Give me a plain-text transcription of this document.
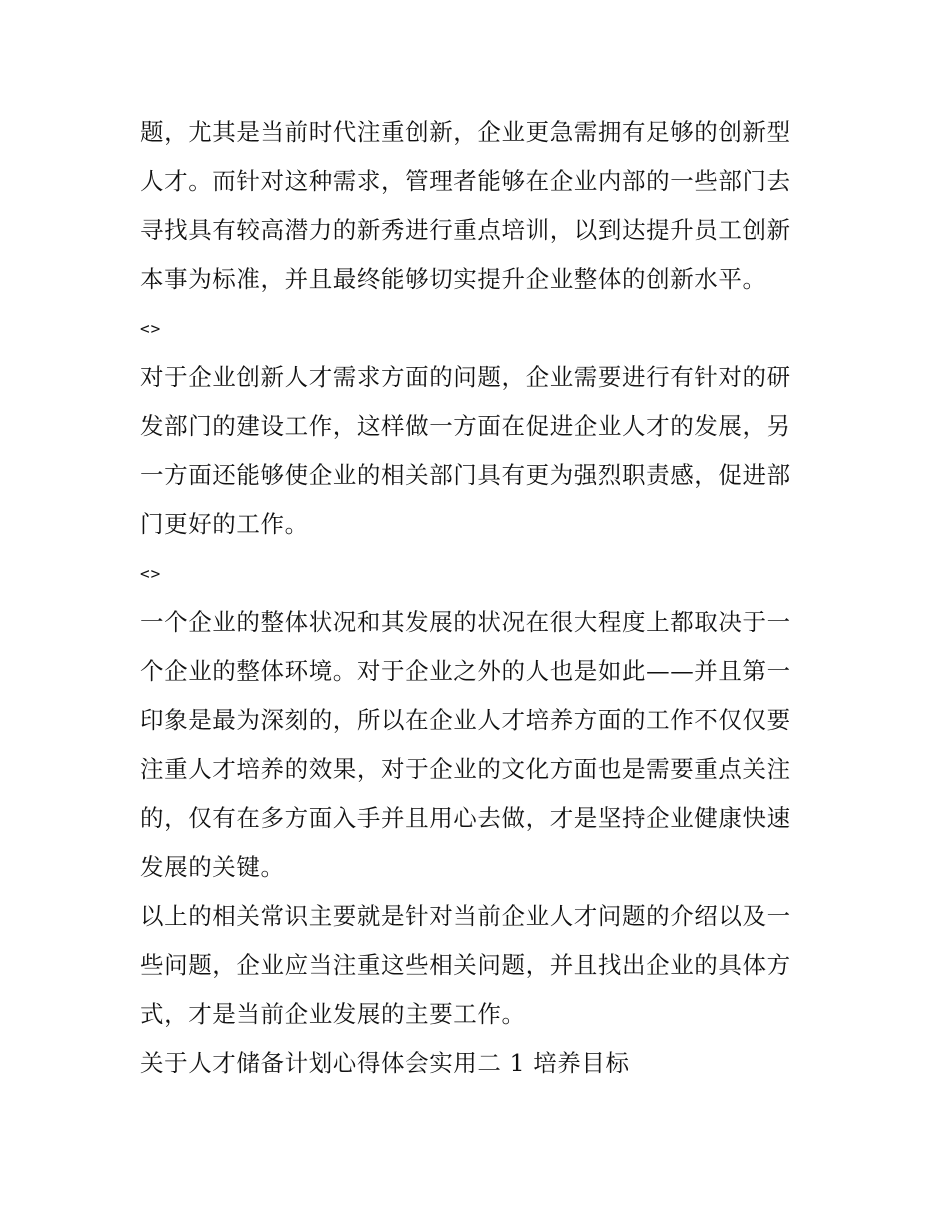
题，尤其是当前时代注重创新，企业更急需拥有足够的创新型
人才。而针对这种需求，管理者能够在企业内部的一些部门去
寻找具有较高潜力的新秀进行重点培训，以到达提升员工创新
本事为标准，并且最终能够切实提升企业整体的创新水平。

<>

对于企业创新人才需求方面的问题，企业需要进行有针对的研
发部门的建设工作，这样做一方面在促进企业人才的发展，另
一方面还能够使企业的相关部门具有更为强烈职责感，促进部
门更好的工作。

<>

一个企业的整体状况和其发展的状况在很大程度上都取决于一
个企业的整体环境。对于企业之外的人也是如此——并且第一
印象是最为深刻的，所以在企业人才培养方面的工作不仅仅要
注重人才培养的效果，对于企业的文化方面也是需要重点关注
的，仅有在多方面入手并且用心去做，才是坚持企业健康快速
发展的关键。

以上的相关常识主要就是针对当前企业人才问题的介绍以及一
些问题，企业应当注重这些相关问题，并且找出企业的具体方
式，才是当前企业发展的主要工作。

关于人才储备计划心得体会实用二 1 培养目标
